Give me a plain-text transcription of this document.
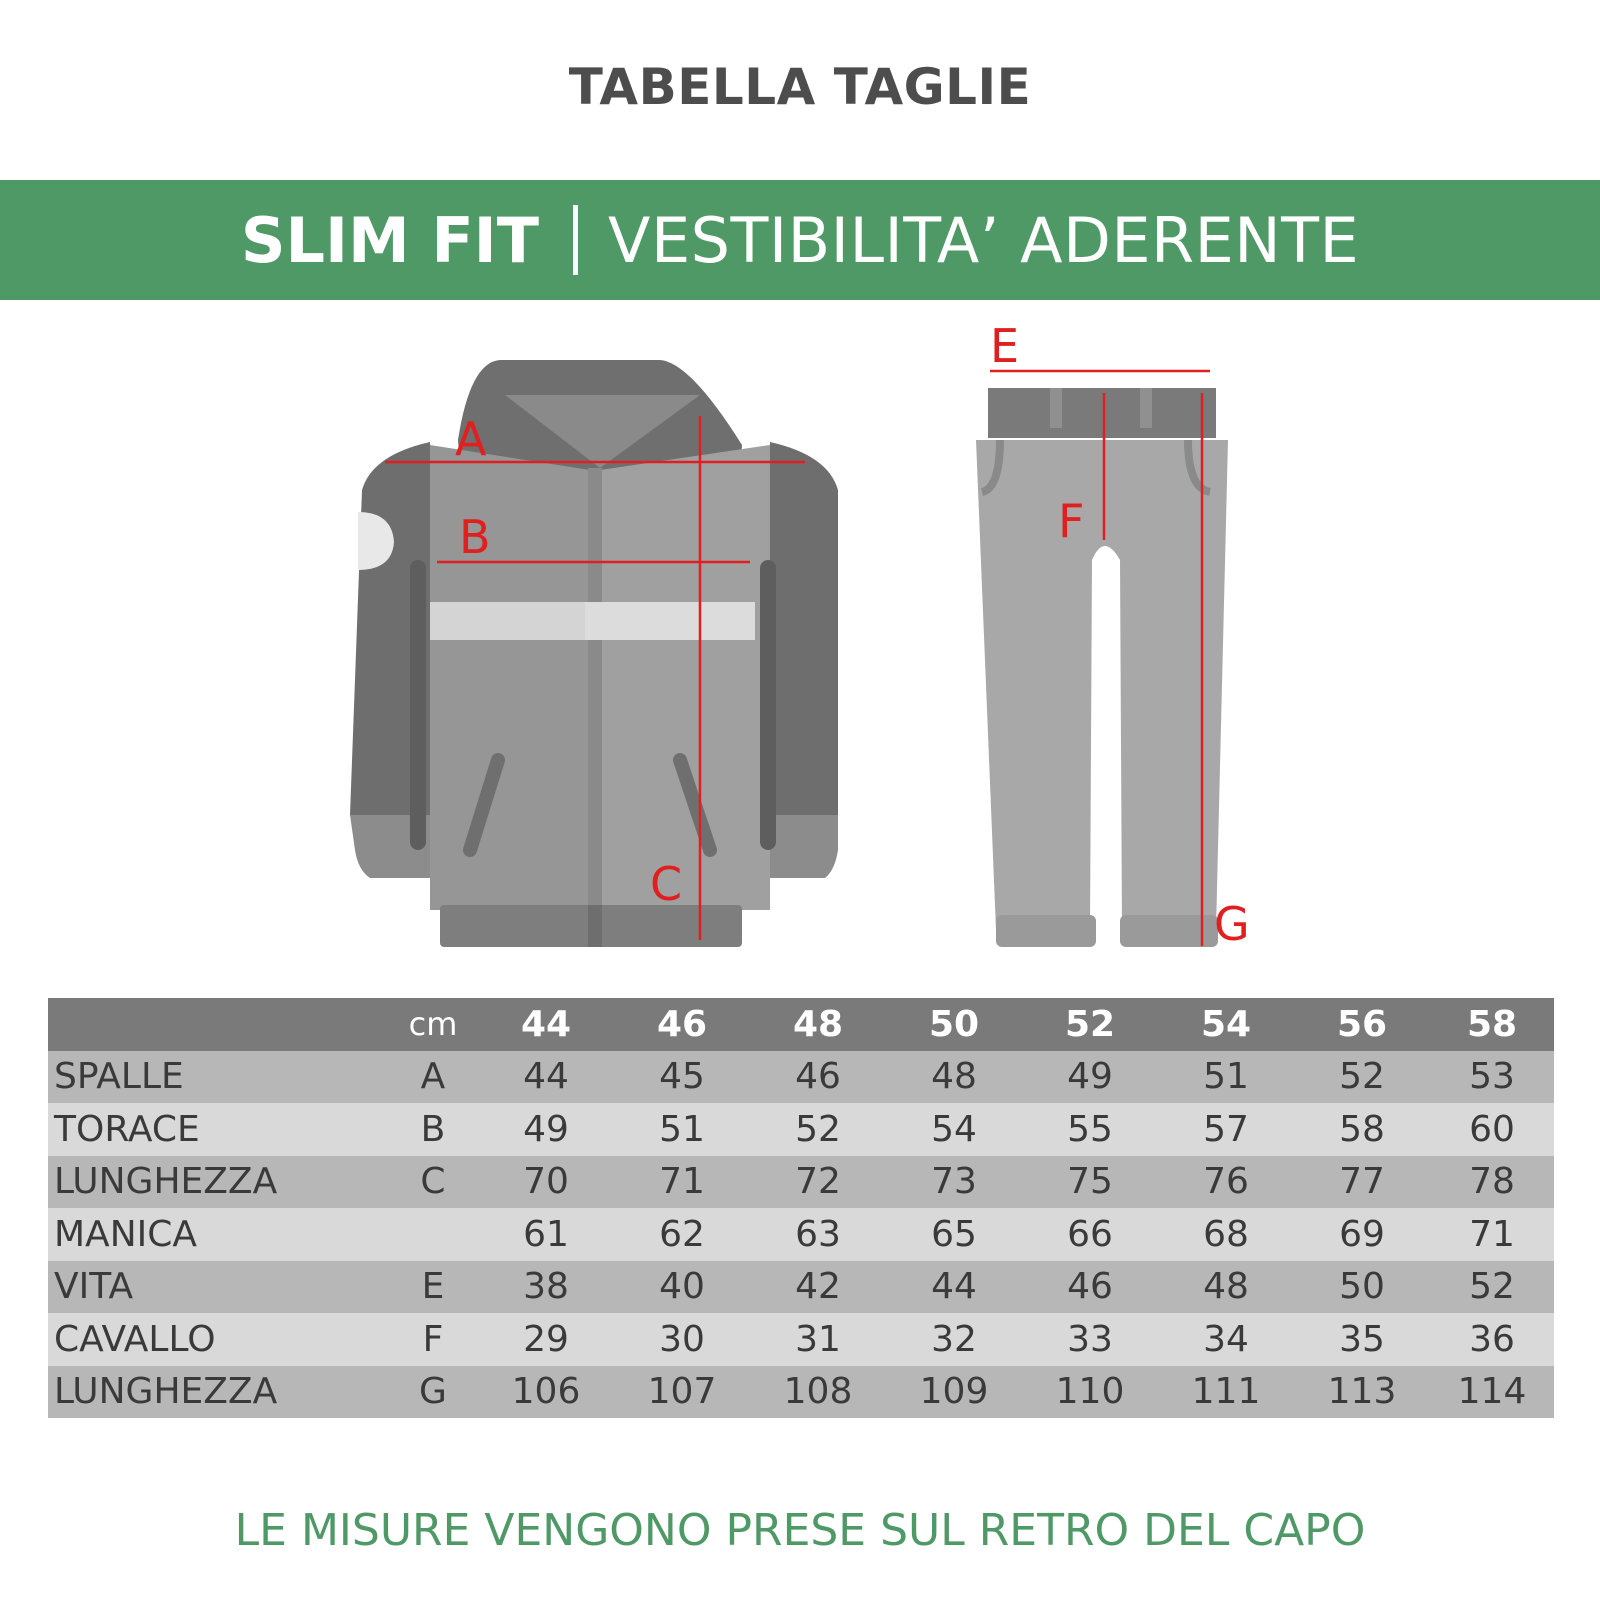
TABELLA TAGLIE
SLIM FIT VESTIBILITA’ ADERENTE
A
B
C
E
F
G
	cm	44	46	48	50	52	54	56	58
SPALLE	A	44	45	46	48	49	51	52	53
TORACE	B	49	51	52	54	55	57	58	60
LUNGHEZZA	C	70	71	72	73	75	76	77	78
MANICA		61	62	63	65	66	68	69	71
VITA	E	38	40	42	44	46	48	50	52
CAVALLO	F	29	30	31	32	33	34	35	36
LUNGHEZZA	G	106	107	108	109	110	111	113	114
LE MISURE VENGONO PRESE SUL RETRO DEL CAPO
